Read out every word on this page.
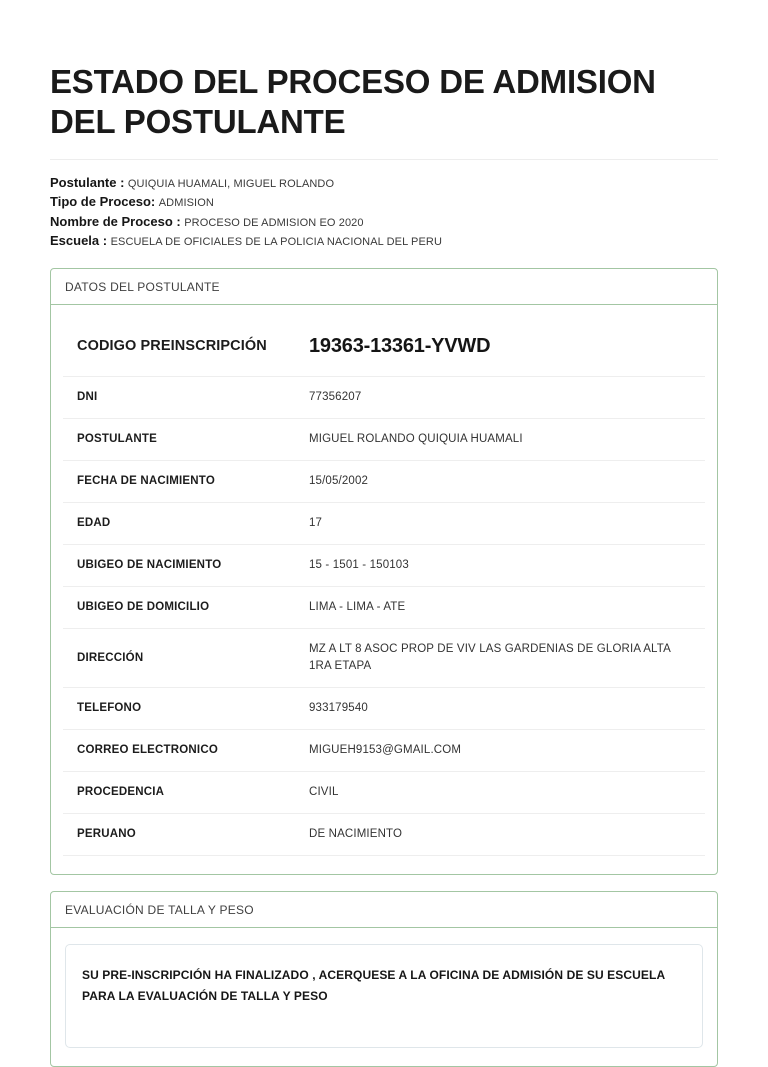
ESTADO DEL PROCESO DE ADMISION DEL POSTULANTE
Postulante : QUIQUIA HUAMALI, MIGUEL ROLANDO
Tipo de Proceso: ADMISION
Nombre de Proceso : PROCESO DE ADMISION EO 2020
Escuela : ESCUELA DE OFICIALES DE LA POLICIA NACIONAL DEL PERU
DATOS DEL POSTULANTE
CODIGO PREINSCRIPCIÓN	19363-13361-YVWD
DNI	77356207
POSTULANTE	MIGUEL ROLANDO QUIQUIA HUAMALI
FECHA DE NACIMIENTO	15/05/2002
EDAD	17
UBIGEO DE NACIMIENTO	15 - 1501 - 150103
UBIGEO DE DOMICILIO	LIMA - LIMA - ATE
DIRECCIÓN	MZ A LT 8 ASOC PROP DE VIV LAS GARDENIAS DE GLORIA ALTA 1RA ETAPA
TELEFONO	933179540
CORREO ELECTRONICO	MIGUEH9153@GMAIL.COM
PROCEDENCIA	CIVIL
PERUANO	DE NACIMIENTO
EVALUACIÓN DE TALLA Y PESO

SU PRE-INSCRIPCIÓN HA FINALIZADO , ACERQUESE A LA OFICINA DE ADMISIÓN DE SU ESCUELA PARA LA EVALUACIÓN DE TALLA Y PESO
